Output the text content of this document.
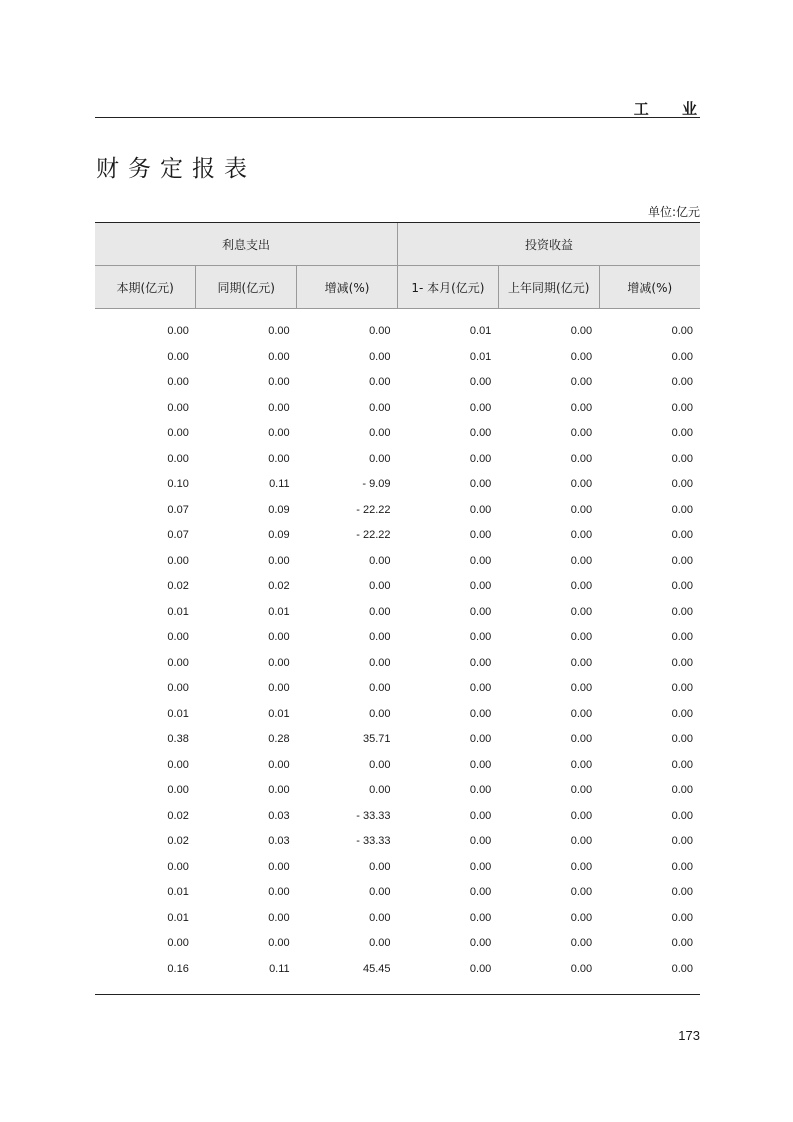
工 业
财务定报表
单位:亿元
利息支出			投资收益		
本期(亿元)	同期(亿元)	增减(%)	1- 本月(亿元)	上年同期(亿元)	增减(%)
0.00	0.00	0.00	0.01	0.00	0.00
0.00	0.00	0.00	0.01	0.00	0.00
0.00	0.00	0.00	0.00	0.00	0.00
0.00	0.00	0.00	0.00	0.00	0.00
0.00	0.00	0.00	0.00	0.00	0.00
0.00	0.00	0.00	0.00	0.00	0.00
0.10	0.11	- 9.09	0.00	0.00	0.00
0.07	0.09	- 22.22	0.00	0.00	0.00
0.07	0.09	- 22.22	0.00	0.00	0.00
0.00	0.00	0.00	0.00	0.00	0.00
0.02	0.02	0.00	0.00	0.00	0.00
0.01	0.01	0.00	0.00	0.00	0.00
0.00	0.00	0.00	0.00	0.00	0.00
0.00	0.00	0.00	0.00	0.00	0.00
0.00	0.00	0.00	0.00	0.00	0.00
0.01	0.01	0.00	0.00	0.00	0.00
0.38	0.28	35.71	0.00	0.00	0.00
0.00	0.00	0.00	0.00	0.00	0.00
0.00	0.00	0.00	0.00	0.00	0.00
0.02	0.03	- 33.33	0.00	0.00	0.00
0.02	0.03	- 33.33	0.00	0.00	0.00
0.00	0.00	0.00	0.00	0.00	0.00
0.01	0.00	0.00	0.00	0.00	0.00
0.01	0.00	0.00	0.00	0.00	0.00
0.00	0.00	0.00	0.00	0.00	0.00
0.16	0.11	45.45	0.00	0.00	0.00
173
